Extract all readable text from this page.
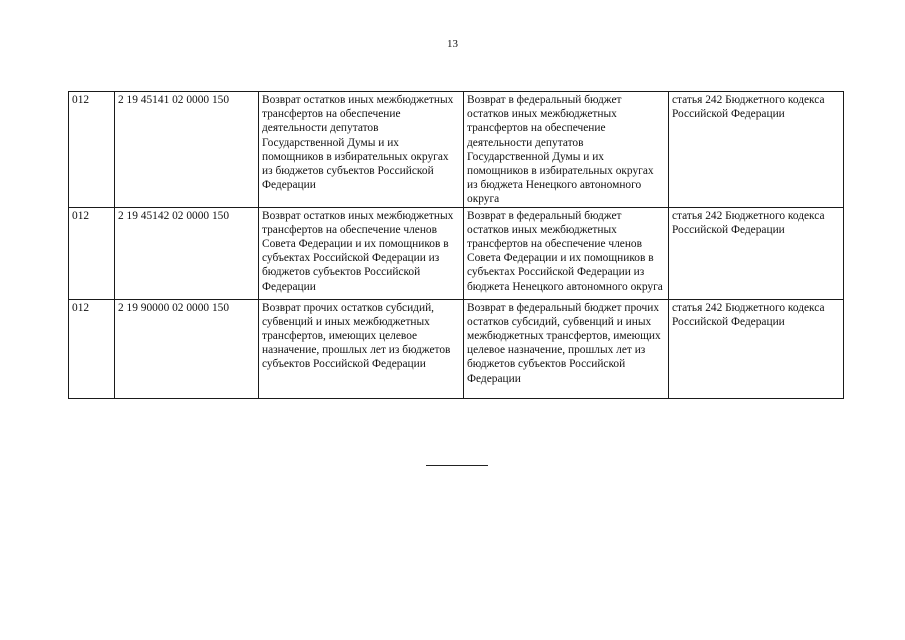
13
012	2 19 45141 02 0000 150	Возврат остатков иных межбюджетных трансфертов на обеспечение деятельности депутатов Государственной Думы и их помощников в избирательных округах из бюджетов субъектов Российской Федерации	Возврат в федеральный бюджет остатков иных межбюджетных трансфертов на обеспечение деятельности депутатов Государственной Думы и их помощников в избирательных округах из бюджета Ненецкого автономного округа	статья 242 Бюджетного кодекса Российской Федерации
012	2 19 45142 02 0000 150	Возврат остатков иных межбюджетных трансфертов на обеспечение членов Совета Федерации и их помощников в субъектах Российской Федерации из бюджетов субъектов Российской Федерации	Возврат в федеральный бюджет остатков иных межбюджетных трансфертов на обеспечение членов Совета Федерации и их помощников в субъектах Российской Федерации из бюджета Ненецкого автономного округа	статья 242 Бюджетного кодекса Российской Федерации
012	2 19 90000 02 0000 150	Возврат прочих остатков субсидий, субвенций и иных межбюджетных трансфертов, имеющих целевое назначение, прошлых лет из бюджетов субъектов Российской Федерации	Возврат в федеральный бюджет прочих остатков субсидий, субвенций и иных межбюджетных трансфертов, имеющих целевое назначение, прошлых лет из бюджетов субъектов Российской Федерации	статья 242 Бюджетного кодекса Российской Федерации
